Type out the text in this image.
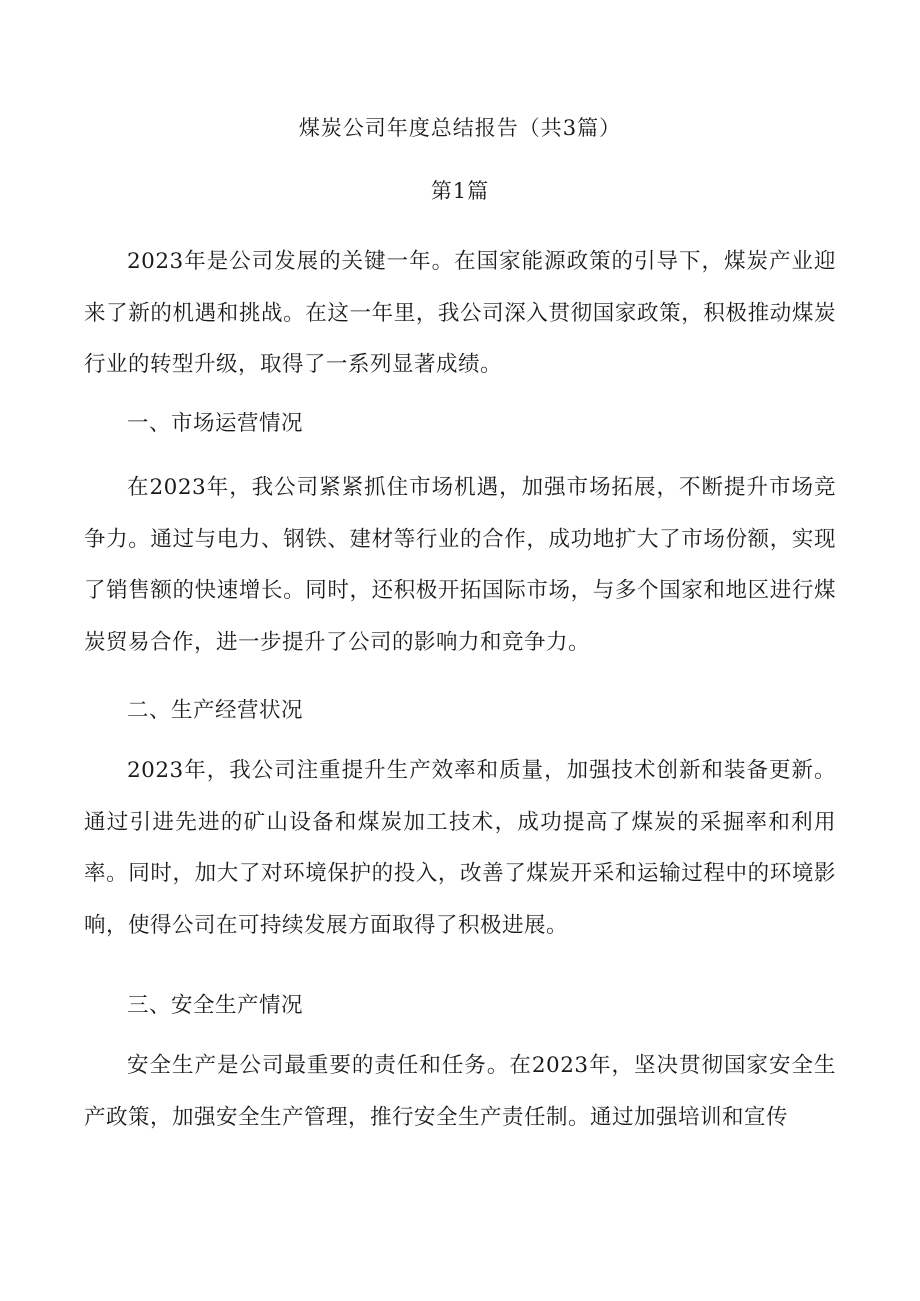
煤炭公司年度总结报告（共3篇）
第1篇

2023年是公司发展的关键一年。在国家能源政策的引导下，煤炭产业迎来了新的机遇和挑战。在这一年里，我公司深入贯彻国家政策，积极推动煤炭行业的转型升级，取得了一系列显著成绩。

一、市场运营情况

在2023年，我公司紧紧抓住市场机遇，加强市场拓展，不断提升市场竞争力。通过与电力、钢铁、建材等行业的合作，成功地扩大了市场份额，实现了销售额的快速增长。同时，还积极开拓国际市场，与多个国家和地区进行煤炭贸易合作，进一步提升了公司的影响力和竞争力。

二、生产经营状况

2023年，我公司注重提升生产效率和质量，加强技术创新和装备更新。通过引进先进的矿山设备和煤炭加工技术，成功提高了煤炭的采掘率和利用率。同时，加大了对环境保护的投入，改善了煤炭开采和运输过程中的环境影响，使得公司在可持续发展方面取得了积极进展。

三、安全生产情况

安全生产是公司最重要的责任和任务。在2023年，坚决贯彻国家安全生产政策，加强安全生产管理，推行安全生产责任制。通过加强培训和宣传
